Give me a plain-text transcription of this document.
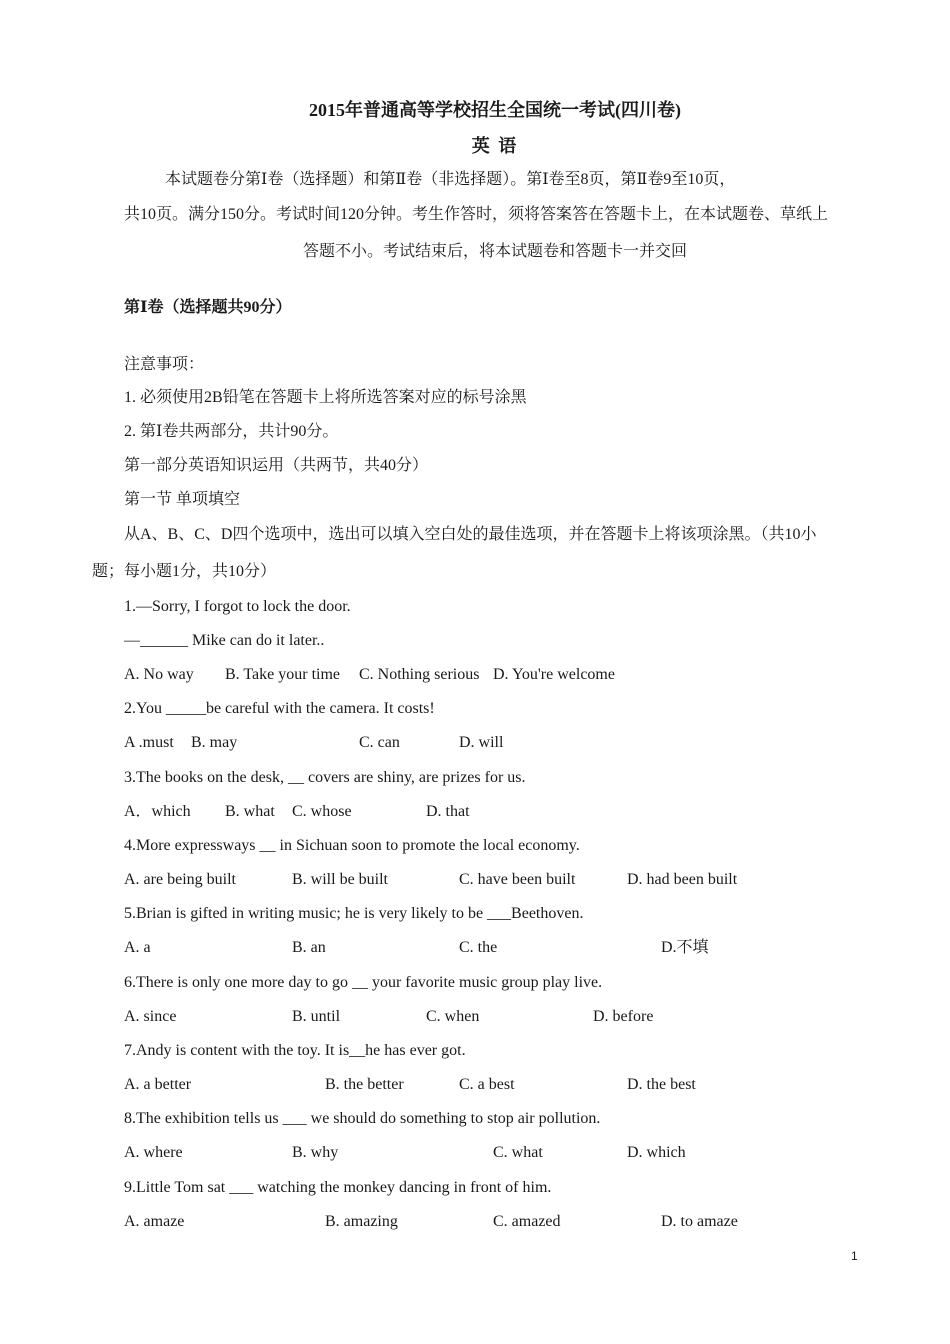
2015年普通高等学校招生全国统一考试(四川卷)
英 语
本试题卷分第Ⅰ卷（选择题）和第Ⅱ卷（非选择题）。第Ⅰ卷至8页，第Ⅱ卷9至10页，
共10页。满分150分。考试时间120分钟。考生作答时，须将答案答在答题卡上，在本试题卷、草纸上
答题不小。考试结束后，将本试题卷和答题卡一并交回
第Ⅰ卷（选择题共90分）
注意事项：
1. 必须使用2B铅笔在答题卡上将所选答案对应的标号涂黑
2. 第Ⅰ卷共两部分，共计90分。
第一部分英语知识运用（共两节，共40分）
第一节 单项填空
从A、B、C、D四个选项中，选出可以填入空白处的最佳选项，并在答题卡上将该项涂黑。（共10小
题；每小题1分，共10分）
1.—Sorry, I forgot to lock the door.
—______ Mike can do it later..
A. No way B. Take your time C. Nothing serious D. You're welcome
2.You _____be careful with the camera. It costs!
A .must B. may	C. can	D. will
3.The books on the desk, __ covers are shiny, are prizes for us.
A．which B. what C. whose	D. that
4.More expressways __ in Sichuan soon to promote the local economy.
A. are being built	B. will be built	C. have been built	D. had been built
5.Brian is gifted in writing music; he is very likely to be ___Beethoven.
A. a	B. an	C. the	D.不填
6.There is only one more day to go __ your favorite music group play live.
A. since	B. until	C. when	D. before
7.Andy is content with the toy. It is__he has ever got.
A. a better	B. the better	C. a best	D. the best
8.The exhibition tells us ___ we should do something to stop air pollution.
A. where	B. why	C. what	D. which
9.Little Tom sat ___ watching the monkey dancing in front of him.
A. amaze	B. amazing	C. amazed	D. to amaze
1
